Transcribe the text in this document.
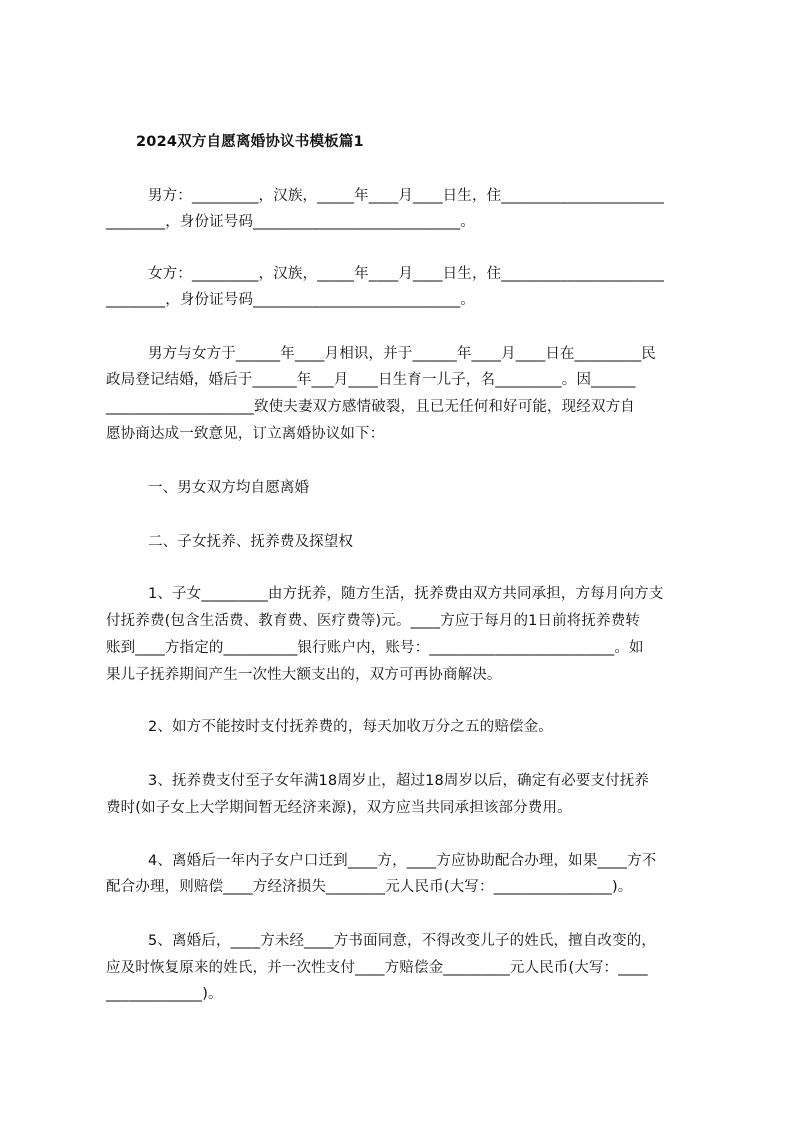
2024双方自愿离婚协议书模板篇1
男方：_________，汉族，_____年____月____日生，住______________________
________，身份证号码____________________________。
女方：_________，汉族，_____年____月____日生，住______________________
________，身份证号码____________________________。
男方与女方于______年____月相识，并于______年____月____日在_________民
政局登记结婚，婚后于______年___月____日生育一儿子，名_________。因______
____________________致使夫妻双方感情破裂，且已无任何和好可能，现经双方自
愿协商达成一致意见，订立离婚协议如下：
一、男女双方均自愿离婚
二、子女抚养、抚养费及探望权
1、子女_________由方抚养，随方生活，抚养费由双方共同承担，方每月向方支
付抚养费(包含生活费、教育费、医疗费等)元。____方应于每月的1日前将抚养费转
账到____方指定的__________银行账户内，账号：_________________________。如
果儿子抚养期间产生一次性大额支出的，双方可再协商解决。
2、如方不能按时支付抚养费的，每天加收万分之五的赔偿金。
3、抚养费支付至子女年满18周岁止，超过18周岁以后，确定有必要支付抚养
费时(如子女上大学期间暂无经济来源)，双方应当共同承担该部分费用。
4、离婚后一年内子女户口迁到____方，____方应协助配合办理，如果____方不
配合办理，则赔偿____方经济损失________元人民币(大写：________________)。
5、离婚后，____方未经____方书面同意，不得改变儿子的姓氏，擅自改变的，
应及时恢复原来的姓氏，并一次性支付____方赔偿金_________元人民币(大写：____
_____________)。
